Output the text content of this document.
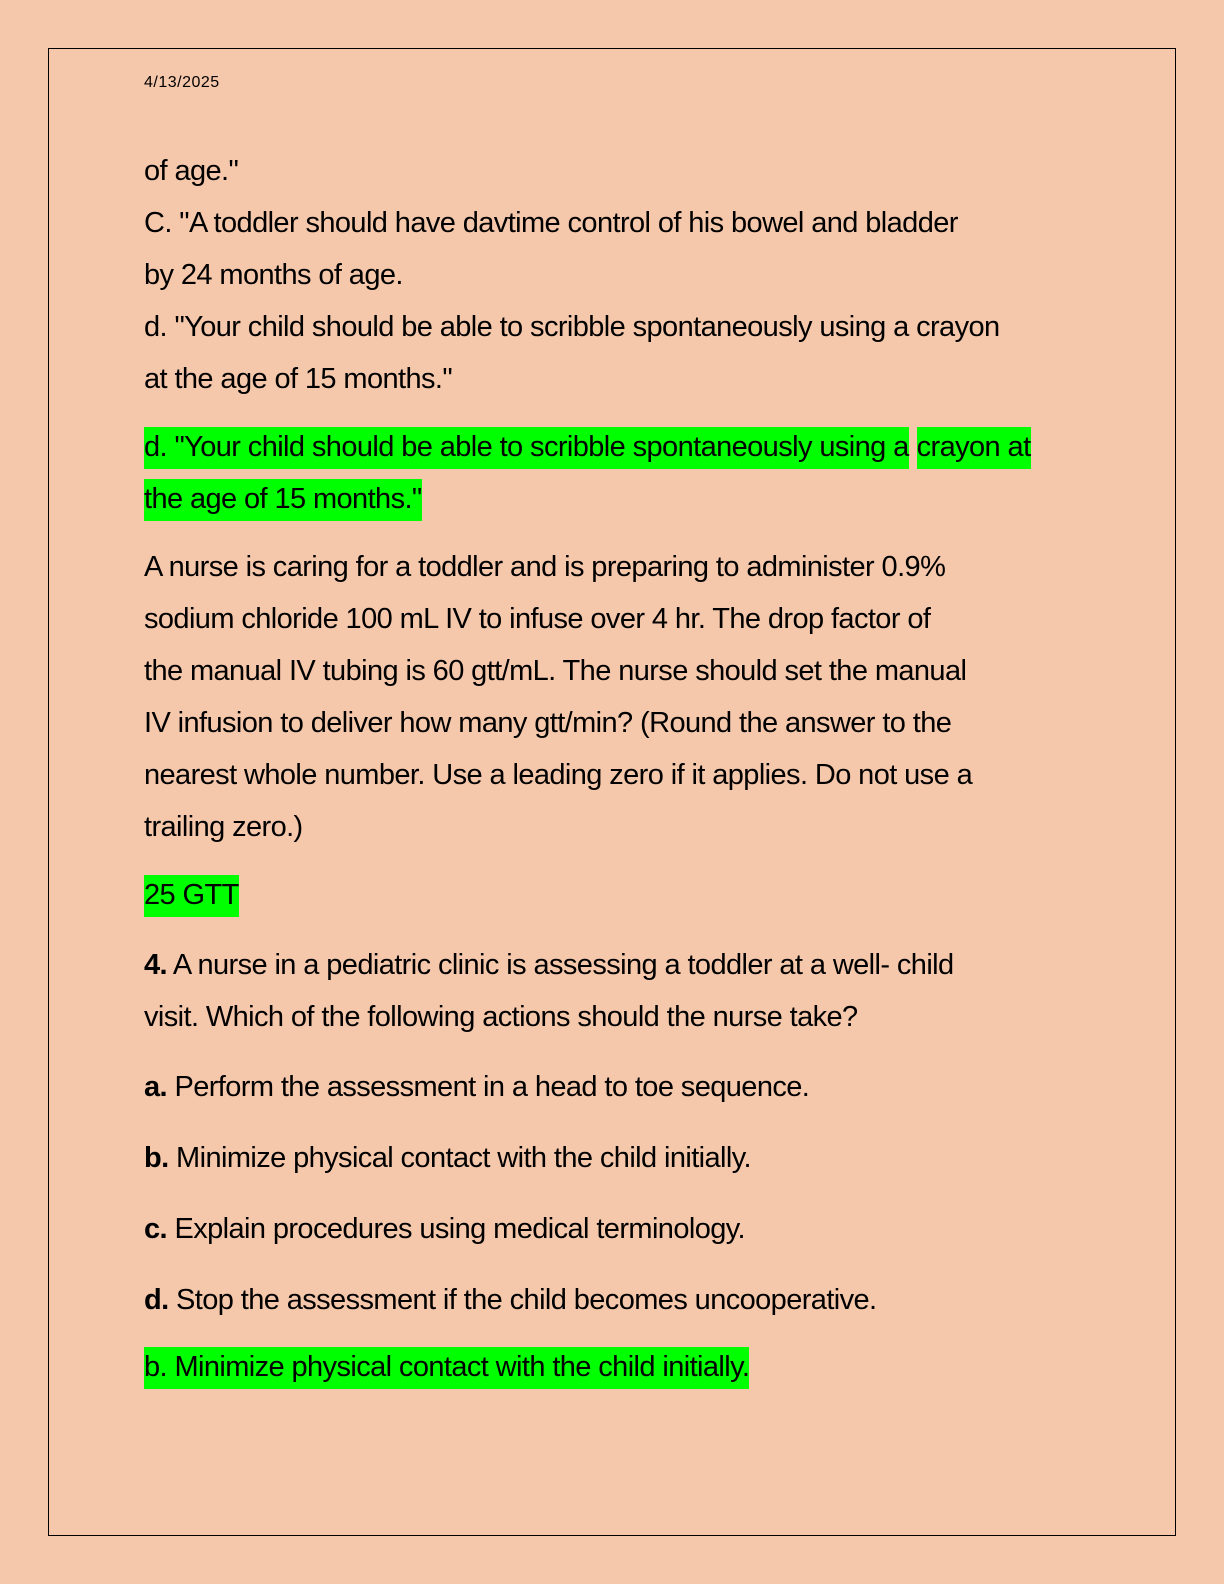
4/13/2025
of age."
C. "A toddler should have davtime control of his bowel and bladder
by 24 months of age.
d. "Your child should be able to scribble spontaneously using a crayon
at the age of 15 months."
d. "Your child should be able to scribble spontaneously using a crayon at
the age of 15 months."
A nurse is caring for a toddler and is preparing to administer 0.9%
sodium chloride 100 mL IV to infuse over 4 hr. The drop factor of
the manual IV tubing is 60 gtt/mL. The nurse should set the manual
IV infusion to deliver how many gtt/min? (Round the answer to the
nearest whole number. Use a leading zero if it applies. Do not use a
trailing zero.)
25 GTT
4. A nurse in a pediatric clinic is assessing a toddler at a well- child
visit. Which of the following actions should the nurse take?
a. Perform the assessment in a head to toe sequence.
b. Minimize physical contact with the child initially.
c. Explain procedures using medical terminology.
d. Stop the assessment if the child becomes uncooperative.
b. Minimize physical contact with the child initially.
